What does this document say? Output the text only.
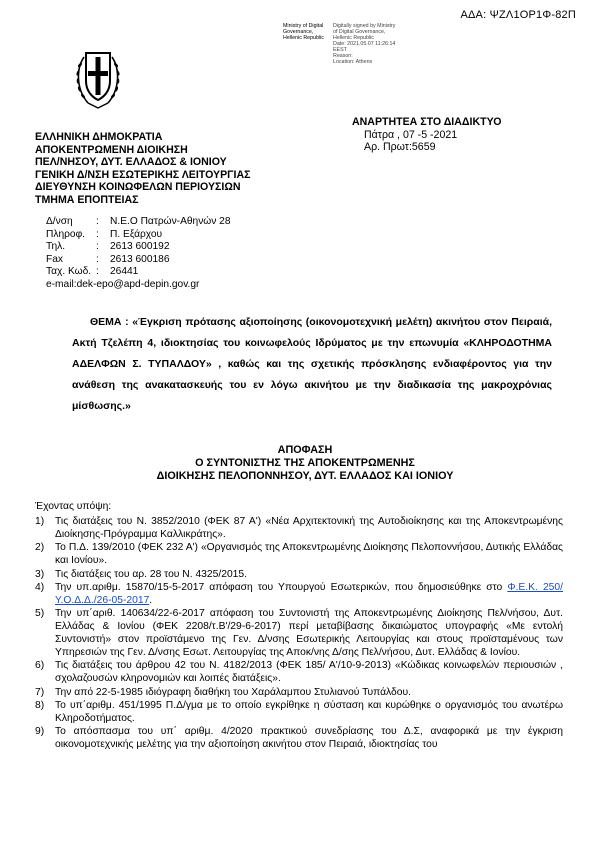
ΑΔΑ: ΨΖΛ1ΟΡ1Φ-82Π
Ministry of Digital
Governance,
Hellenic Republic
Digitally signed by Ministry
of Digital Governance,
Hellenic Republic
Date: 2021.05.07 11:26:14
EEST
Reason:
Location: Athens
ΕΛΛΗΝΙΚΗ ΔΗΜΟΚΡΑΤΙΑ
ΑΠΟΚΕΝΤΡΩΜΕΝΗ ΔΙΟΙΚΗΣΗ
ΠΕΛ/ΝΗΣΟΥ, ΔΥΤ. ΕΛΛΑΔΟΣ & ΙΟΝΙΟΥ
ΓΕΝΙΚΗ Δ/ΝΣΗ ΕΣΩΤΕΡΙΚΗΣ ΛΕΙΤΟΥΡΓΙΑΣ
ΔΙΕΥΘΥΝΣΗ ΚΟΙΝΩΦΕΛΩΝ ΠΕΡΙΟΥΣΙΩΝ
ΤΜΗΜΑ ΕΠΟΠΤΕΙΑΣ
ΑΝΑΡΤΗΤΕΑ ΣΤΟ ΔΙΑΔΙΚΤΥΟ
Πάτρα , 07 -5 -2021
Αρ. Πρωτ:5659
Δ/νση	:	Ν.Ε.Ο Πατρών-Αθηνών 28
Πληροφ.	:	Π. Εξάρχου
Τηλ.	:	2613 600192
Fax	:	2613 600186
Ταχ. Κωδ. :	26441
e-mail:dek-epo@apd-depin.gov.gr
ΘΕΜΑ : «Έγκριση πρότασης αξιοποίησης (οικονομοτεχνική μελέτη) ακινήτου στον Πειραιά, Ακτή Τζελέπη 4, ιδιοκτησίας του κοινωφελούς Ιδρύματος με την επωνυμία «ΚΛΗΡΟΔΟΤΗΜΑ ΑΔΕΛΦΩΝ Σ. ΤΥΠΑΛΔΟΥ» , καθώς και της σχετικής πρόσκλησης ενδιαφέροντος για την ανάθεση της ανακατασκευής του εν λόγω ακινήτου με την διαδικασία της μακροχρόνιας μίσθωσης.»
ΑΠΟΦΑΣΗ
Ο ΣΥΝΤΟΝΙΣΤΗΣ ΤΗΣ ΑΠΟΚΕΝΤΡΩΜΕΝΗΣ
ΔΙΟΙΚΗΣΗΣ ΠΕΛΟΠΟΝΝΗΣΟΥ, ΔΥΤ. ΕΛΛΑΔΟΣ ΚΑΙ ΙΟΝΙΟΥ
Έχοντας υπόψη:
1)	Τις διατάξεις του Ν. 3852/2010 (ΦΕΚ 87 Α') «Νέα Αρχιτεκτονική της Αυτοδιοίκησης και της Αποκεντρωμένης Διοίκησης-Πρόγραμμα Καλλικράτης».
2)	Το Π.Δ. 139/2010 (ΦΕΚ 232 Α') «Οργανισμός της Αποκεντρωμένης Διοίκησης Πελοποννήσου, Δυτικής Ελλάδας και Ιονίου».
3)	Τις διατάξεις του αρ. 28 του Ν. 4325/2015.
4)	Την υπ.αριθμ. 15870/15-5-2017 απόφαση του Υπουργού Εσωτερικών, που δημοσιεύθηκε στο Φ.Ε.Κ. 250/Υ.Ο.Δ.Δ./26-05-2017.
5)	Την υπ΄αριθ. 140634/22-6-2017 απόφαση του Συντονιστή της Αποκεντρωμένης Διοίκησης Πελ/νήσου, Δυτ. Ελλάδας & Ιονίου (ΦΕΚ 2208/τ.Β'/29-6-2017) περί μεταβίβασης δικαιώματος υπογραφής «Με εντολή Συντονιστή» στον προϊστάμενο της Γεν. Δ/νσης Εσωτερικής Λειτουργίας και στους προϊσταμένους των Υπηρεσιών της Γεν. Δ/νσης Εσωτ. Λειτουργίας της Αποκ/νης Δ/σης Πελ/νήσου, Δυτ. Ελλάδας & Ιονίου.
6)	Τις διατάξεις του άρθρου 42 του Ν. 4182/2013 (ΦΕΚ 185/ Α'/10-9-2013) «Κώδικας κοινωφελών περιουσιών , σχολαζουσών κληρονομιών και λοιπές διατάξεις».
7)	Την από 22-5-1985 ιδιόγραφη διαθήκη του Χαράλαμπου Στυλιανού Τυπάλδου.
8)	Το υπ΄αριθμ. 451/1995 Π.Δ/γμα με το οποίο εγκρίθηκε η σύσταση και κυρώθηκε ο οργανισμός του ανωτέρω Κληροδοτήματος.
9)	Το απόσπασμα του υπ΄ αριθμ. 4/2020 πρακτικού συνεδρίασης του Δ.Σ, αναφορικά με την έγκριση οικονομοτεχνικής μελέτης για την αξιοποίηση ακινήτου στον Πειραιά, ιδιοκτησίας του
